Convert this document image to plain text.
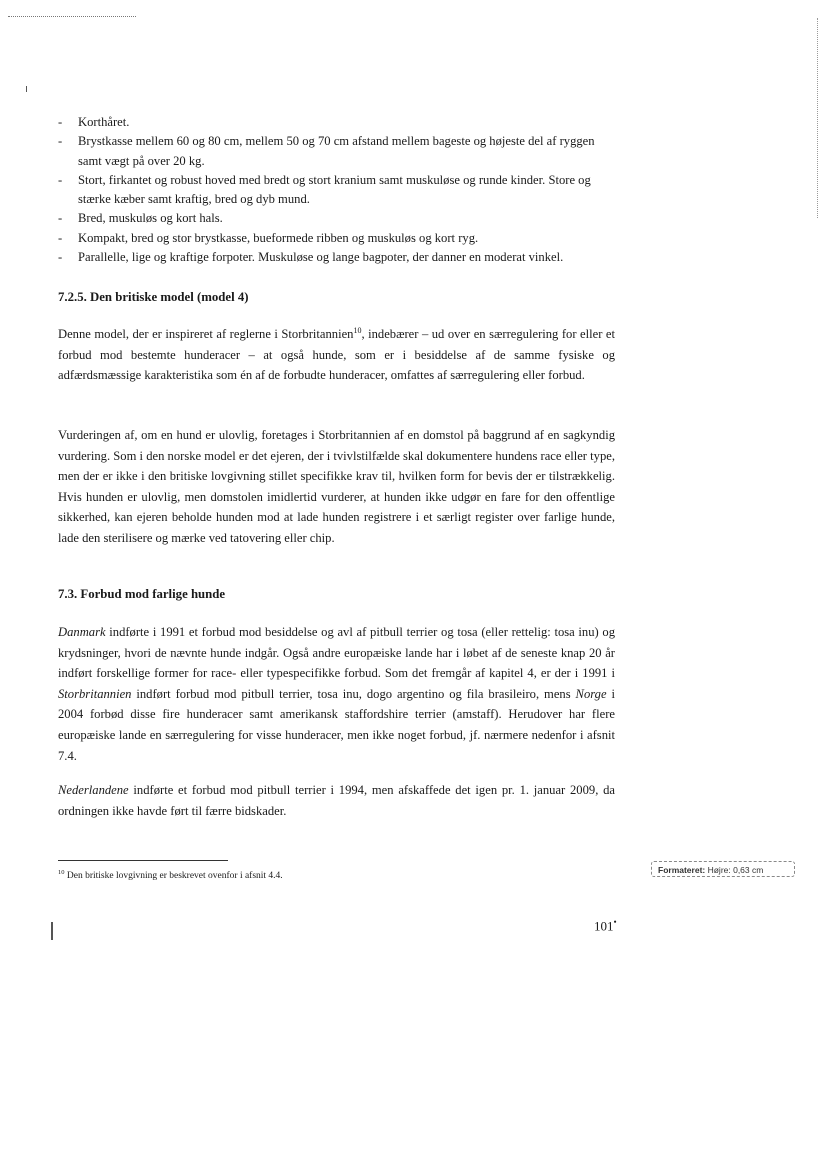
- Korthåret.
- Brystkasse mellem 60 og 80 cm, mellem 50 og 70 cm afstand mellem bageste og højeste del af ryggen samt vægt på over 20 kg.
- Stort, firkantet og robust hoved med bredt og stort kranium samt muskuløse og runde kinder. Store og stærke kæber samt kraftig, bred og dyb mund.
- Bred, muskuløs og kort hals.
- Kompakt, bred og stor brystkasse, bueformede ribben og muskuløs og kort ryg.
- Parallelle, lige og kraftige forpoter. Muskuløse og lange bagpoter, der danner en moderat vinkel.
7.2.5. Den britiske model (model 4)

Denne model, der er inspireret af reglerne i Storbritannien$^{10}$, indebærer – ud over en særregulering for eller et forbud mod bestemte hunderacer – at også hunde, som er i besiddelse af de samme fysiske og adfærdsmæssige karakteristika som én af de forbudte hunderacer, omfattes af særregulering eller forbud.

Vurderingen af, om en hund er ulovlig, foretages i Storbritannien af en domstol på baggrund af en sagkyndig vurdering. Som i den norske model er det ejeren, der i tvivlstilfælde skal dokumentere hundens race eller type, men der er ikke i den britiske lovgivning stillet specifikke krav til, hvilken form for bevis der er tilstrækkelig. Hvis hunden er ulovlig, men domstolen imidlertid vurderer, at hunden ikke udgør en fare for den offentlige sikkerhed, kan ejeren beholde hunden mod at lade hunden registrere i et særligt register over farlige hunde, lade den sterilisere og mærke ved tatovering eller chip.

7.3. Forbud mod farlige hunde

Danmark indførte i 1991 et forbud mod besiddelse og avl af pitbull terrier og tosa (eller rettelig: tosa inu) og krydsninger, hvori de nævnte hunde indgår. Også andre europæiske lande har i løbet af de seneste knap 20 år indført forskellige former for race- eller typespecifikke forbud. Som det fremgår af kapitel 4, er der i 1991 i Storbritannien indført forbud mod pitbull terrier, tosa inu, dogo argentino og fila brasileiro, mens Norge i 2004 forbød disse fire hunderacer samt amerikansk staffordshire terrier (amstaff). Herudover har flere europæiske lande en særregulering for visse hunderacer, men ikke noget forbud, jf. nærmere nedenfor i afsnit 7.4.

Nederlandene indførte et forbud mod pitbull terrier i 1994, men afskaffede det igen pr. 1. januar 2009, da ordningen ikke havde ført til færre bidskader.

$^{10}$ Den britiske lovgivning er beskrevet ovenfor i afsnit 4.4.

Formateret: Højre: 0,63 cm
101•
